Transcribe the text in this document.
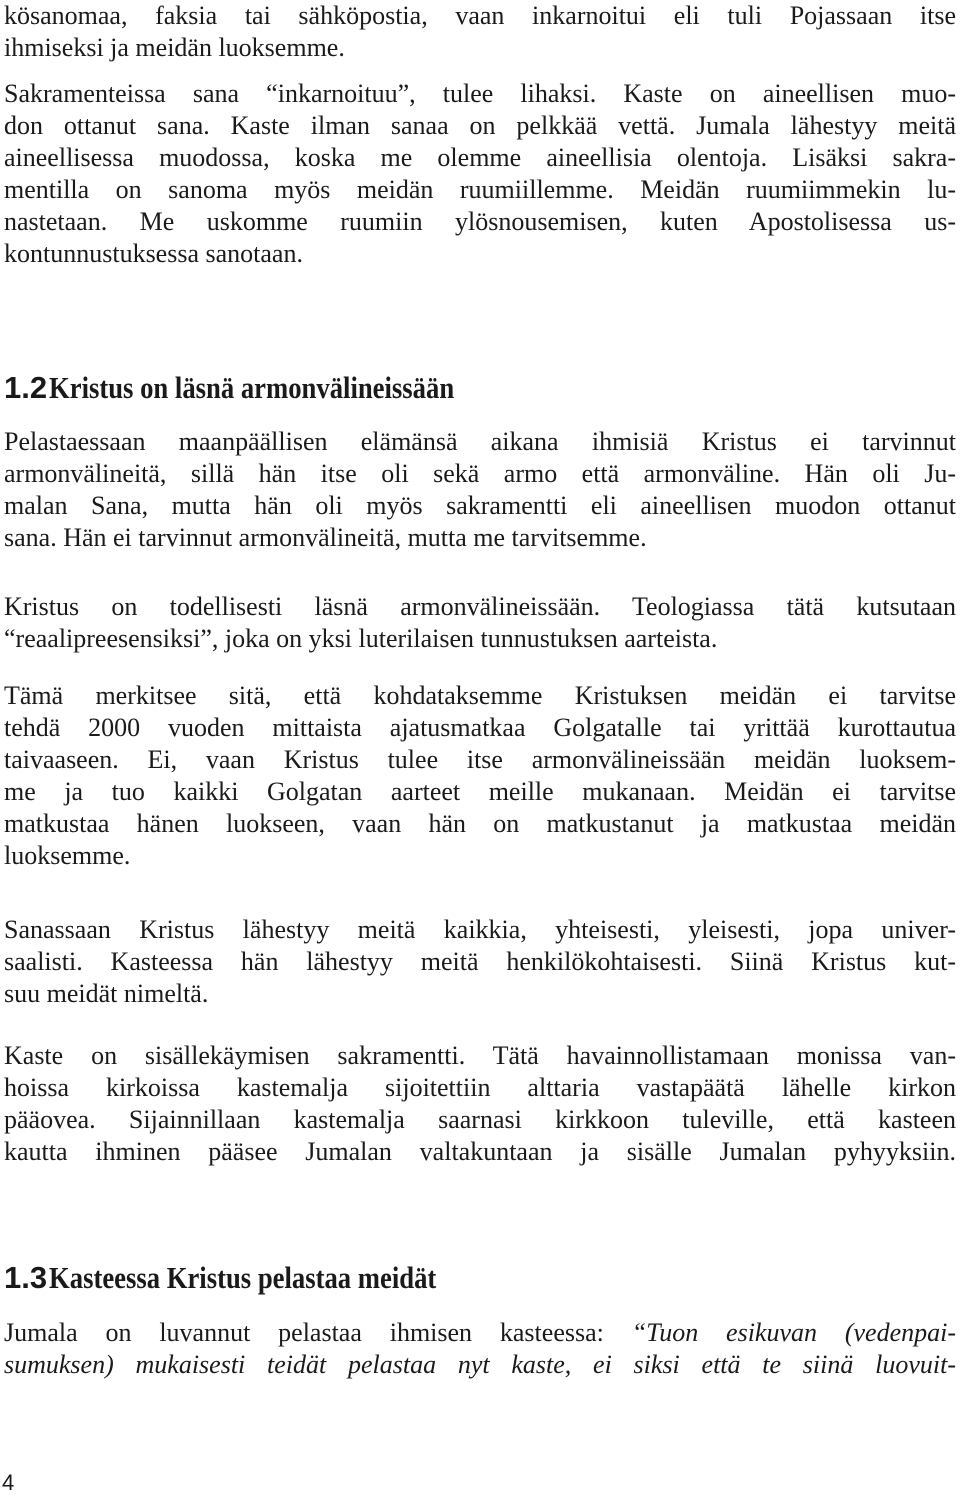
kösanomaa, faksia tai sähköpostia, vaan inkarnoitui eli tuli Pojassaan itse
ihmiseksi ja meidän luoksemme.
Sakramenteissa sana “inkarnoituu”, tulee lihaksi. Kaste on aineellisen muo-
don ottanut sana. Kaste ilman sanaa on pelkkää vettä. Jumala lähestyy meitä
aineellisessa muodossa, koska me olemme aineellisia olentoja. Lisäksi sakra-
mentilla on sanoma myös meidän ruumiillemme. Meidän ruumiimmekin lu-
nastetaan. Me uskomme ruumiin ylösnousemisen, kuten Apostolisessa us-
kontunnustuksessa sanotaan.
1.2 Kristus on läsnä armonvälineissään
Pelastaessaan maanpäällisen elämänsä aikana ihmisiä Kristus ei tarvinnut
armonvälineitä, sillä hän itse oli sekä armo että armonväline. Hän oli Ju-
malan Sana, mutta hän oli myös sakramentti eli aineellisen muodon ottanut
sana. Hän ei tarvinnut armonvälineitä, mutta me tarvitsemme.
Kristus on todellisesti läsnä armonvälineissään. Teologiassa tätä kutsutaan
“reaalipreesensiksi”, joka on yksi luterilaisen tunnustuksen aarteista.
Tämä merkitsee sitä, että kohdataksemme Kristuksen meidän ei tarvitse
tehdä 2000 vuoden mittaista ajatusmatkaa Golgatalle tai yrittää kurottautua
taivaaseen. Ei, vaan Kristus tulee itse armonvälineissään meidän luoksem-
me ja tuo kaikki Golgatan aarteet meille mukanaan. Meidän ei tarvitse
matkustaa hänen luokseen, vaan hän on matkustanut ja matkustaa meidän
luoksemme.
Sanassaan Kristus lähestyy meitä kaikkia, yhteisesti, yleisesti, jopa univer-
saalisti. Kasteessa hän lähestyy meitä henkilökohtaisesti. Siinä Kristus kut-
suu meidät nimeltä.
Kaste on sisällekäymisen sakramentti. Tätä havainnollistamaan monissa van-
hoissa kirkoissa kastemalja sijoitettiin alttaria vastapäätä lähelle kirkon
pääovea. Sijainnillaan kastemalja saarnasi kirkkoon tuleville, että kasteen
kautta ihminen pääsee Jumalan valtakuntaan ja sisälle Jumalan pyhyyksiin.
1.3 Kasteessa Kristus pelastaa meidät
Jumala on luvannut pelastaa ihmisen kasteessa: “Tuon esikuvan (vedenpai-
sumuksen) mukaisesti teidät pelastaa nyt kaste, ei siksi että te siinä luovuit-
4
